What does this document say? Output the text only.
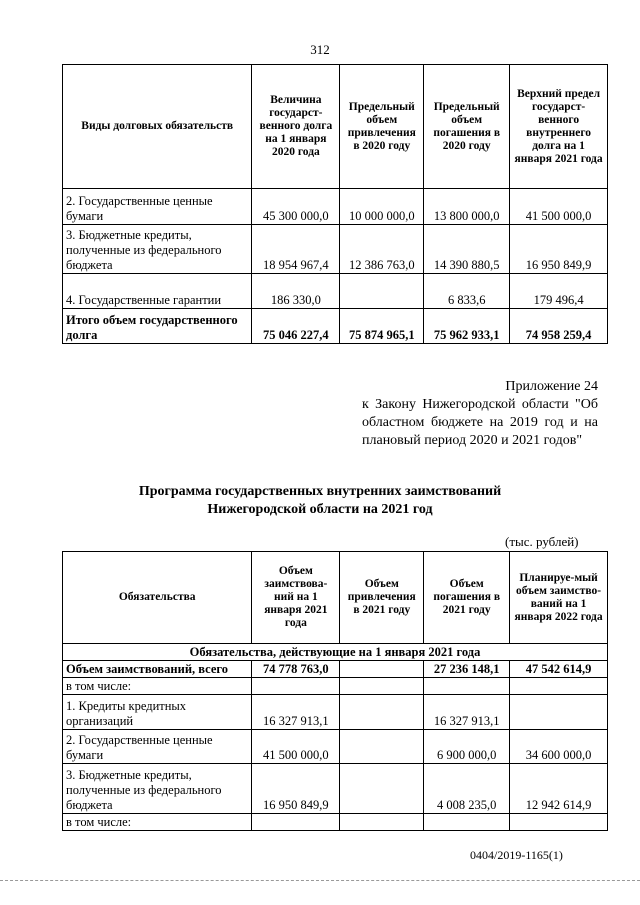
312
Виды долговых обязательств	Величина государст-венного долга на 1 января 2020 года	Предельный объем привлечения в 2020 году	Предельный объем погашения в 2020 году	Верхний предел государст-венного внутреннего долга на 1 января 2021 года
2. Государственные ценные бумаги	45 300 000,0	10 000 000,0	13 800 000,0	41 500 000,0
3. Бюджетные кредиты, полученные из федерального бюджета	18 954 967,4	12 386 763,0	14 390 880,5	16 950 849,9
4. Государственные гарантии	186 330,0		6 833,6	179 496,4
Итого объем государственного долга	75 046 227,4	75 874 965,1	75 962 933,1	74 958 259,4
Приложение 24
к Закону Нижегородской области "Об областном бюджете на 2019 год и на плановый период 2020 и 2021 годов"
Программа государственных внутренних заимствований
Нижегородской области на 2021 год
(тыс. рублей)
Обязательства	Объем заимствова-ний на 1 января 2021 года	Объем привлечения в 2021 году	Объем погашения в 2021 году	Планируе-мый объем заимство-ваний на 1 января 2022 года
Обязательства, действующие на 1 января 2021 года				
Объем заимствований, всего	74 778 763,0		27 236 148,1	47 542 614,9
в том числе:				
1. Кредиты кредитных организаций	16 327 913,1		16 327 913,1	
2. Государственные ценные бумаги	41 500 000,0		6 900 000,0	34 600 000,0
3. Бюджетные кредиты, полученные из федерального бюджета	16 950 849,9		4 008 235,0	12 942 614,9
в том числе:				
0404/2019-1165(1)
